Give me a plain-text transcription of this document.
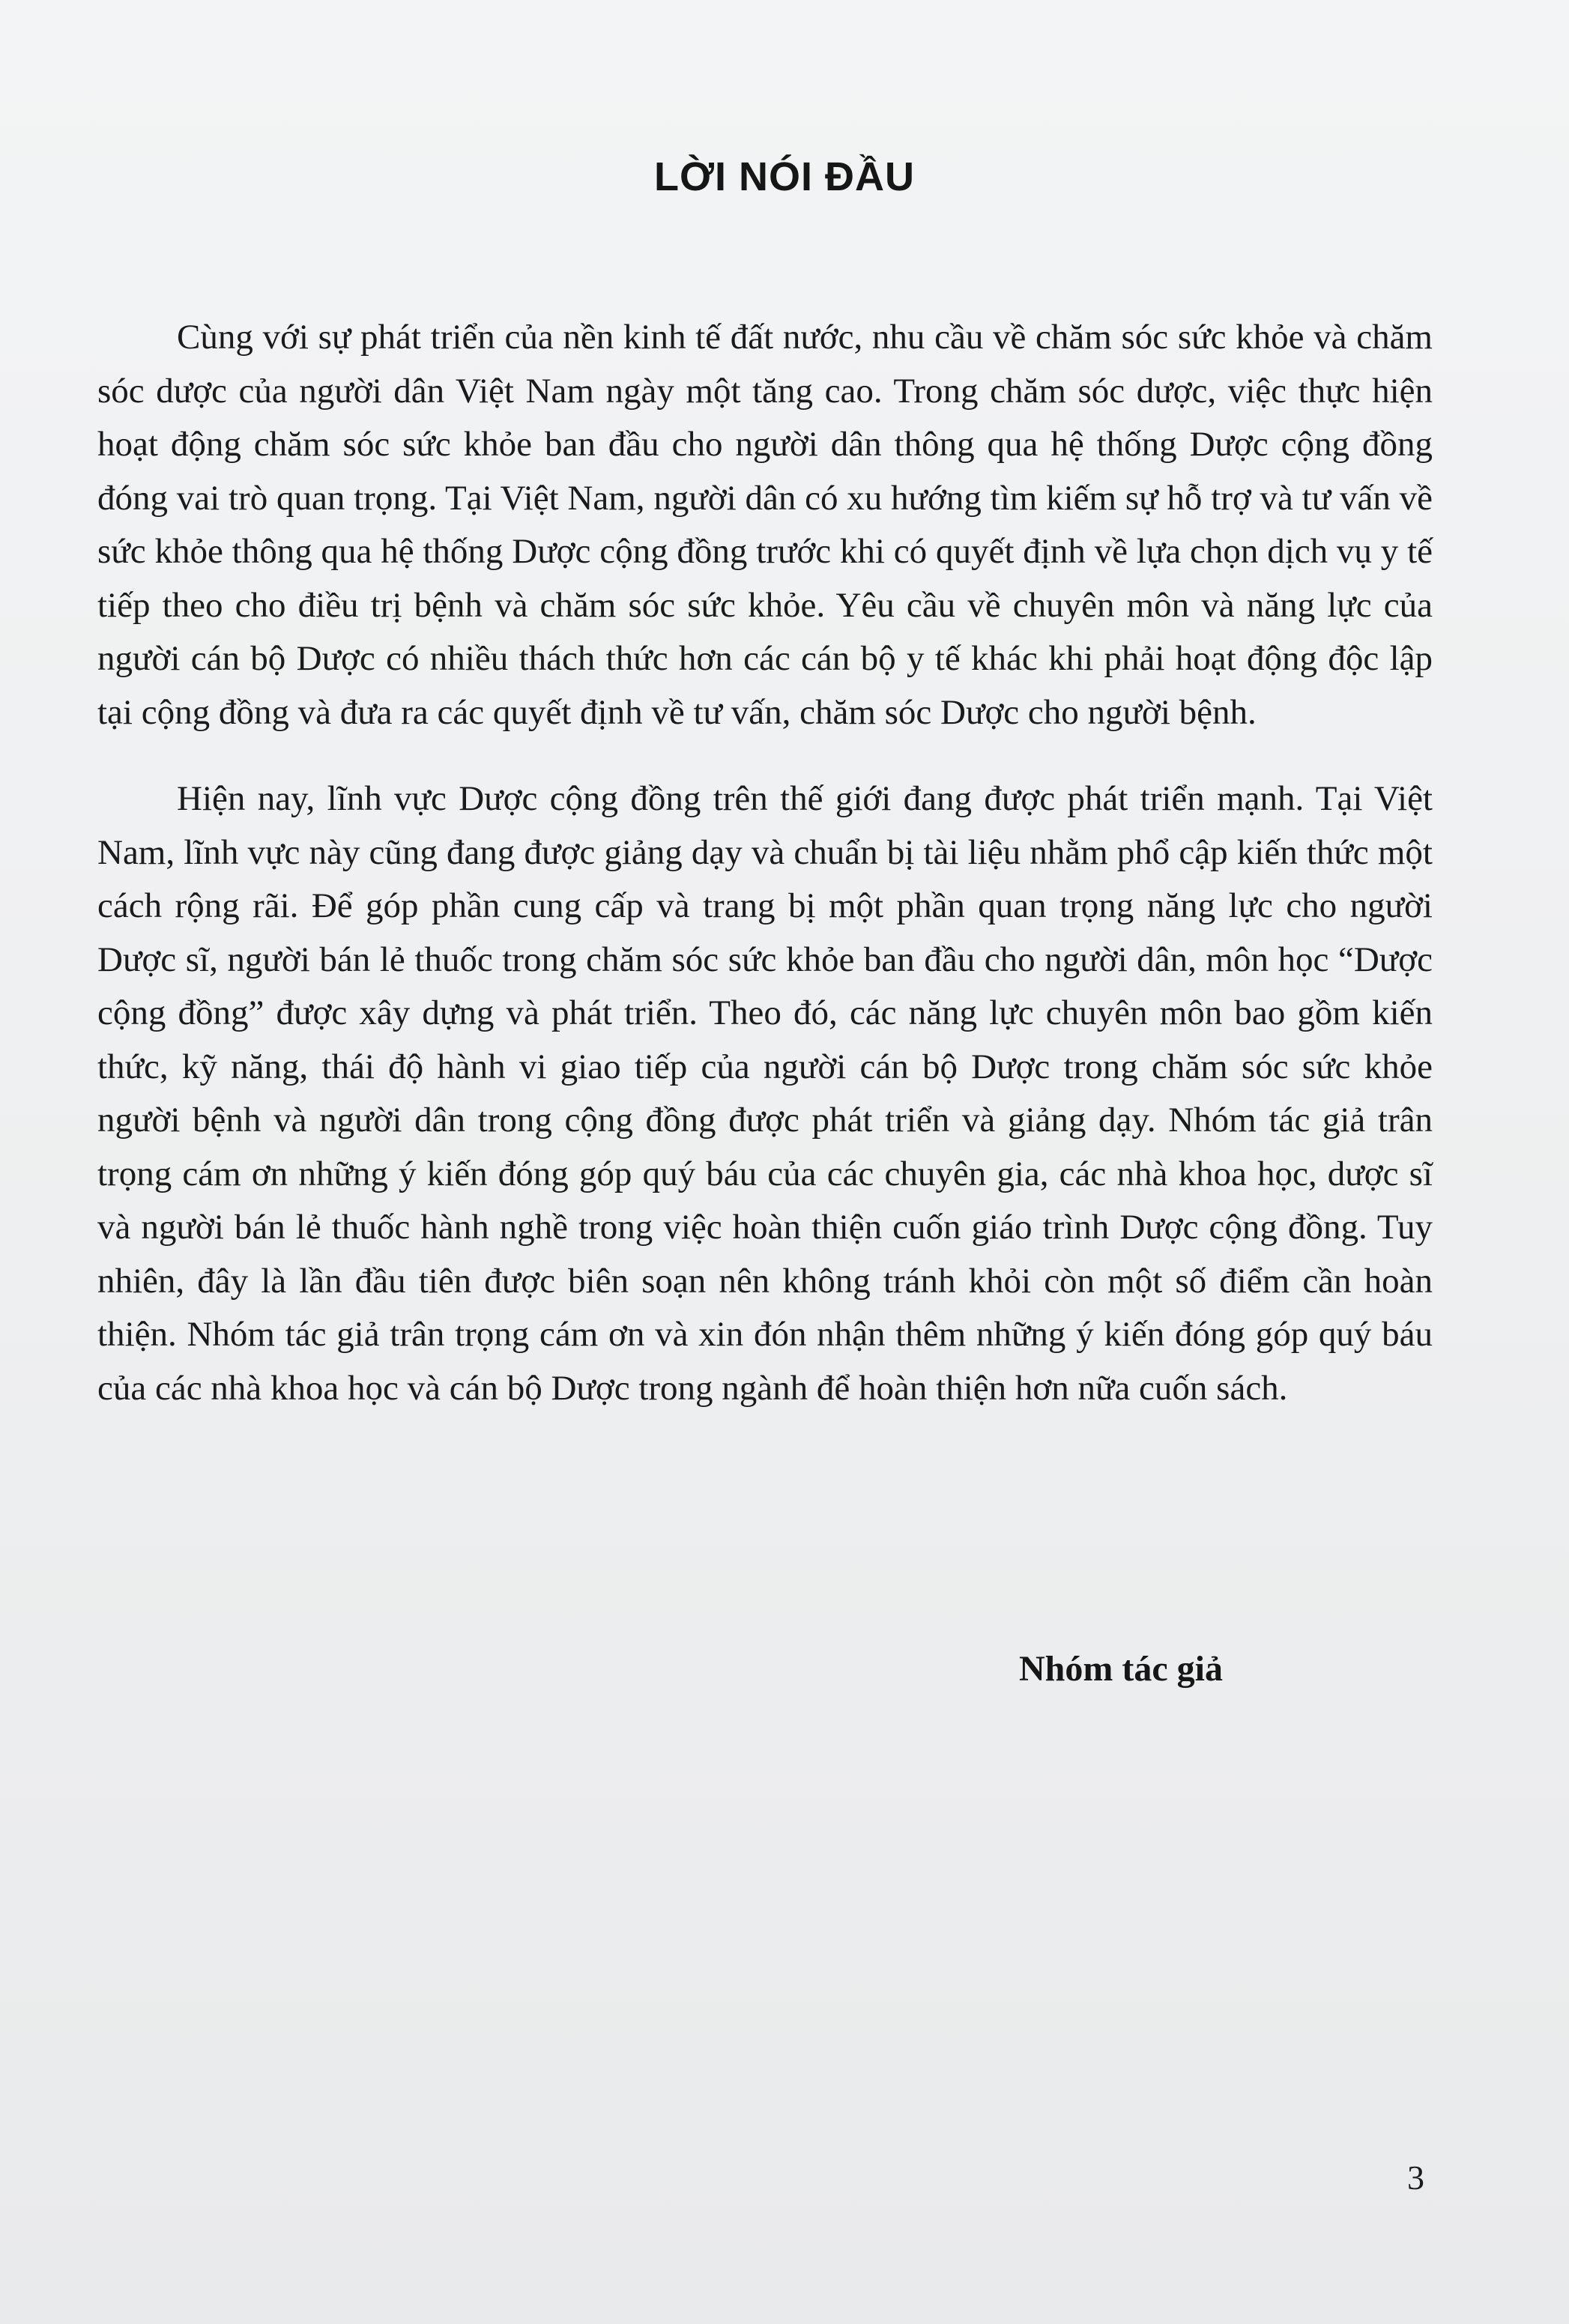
LỜI NÓI ĐẦU

Cùng với sự phát triển của nền kinh tế đất nước, nhu cầu về chăm sóc sức khỏe và chăm sóc dược của người dân Việt Nam ngày một tăng cao. Trong chăm sóc dược, việc thực hiện hoạt động chăm sóc sức khỏe ban đầu cho người dân thông qua hệ thống Dược cộng đồng đóng vai trò quan trọng. Tại Việt Nam, người dân có xu hướng tìm kiếm sự hỗ trợ và tư vấn về sức khỏe thông qua hệ thống Dược cộng đồng trước khi có quyết định về lựa chọn dịch vụ y tế tiếp theo cho điều trị bệnh và chăm sóc sức khỏe. Yêu cầu về chuyên môn và năng lực của người cán bộ Dược có nhiều thách thức hơn các cán bộ y tế khác khi phải hoạt động độc lập tại cộng đồng và đưa ra các quyết định về tư vấn, chăm sóc Dược cho người bệnh.

Hiện nay, lĩnh vực Dược cộng đồng trên thế giới đang được phát triển mạnh. Tại Việt Nam, lĩnh vực này cũng đang được giảng dạy và chuẩn bị tài liệu nhằm phổ cập kiến thức một cách rộng rãi. Để góp phần cung cấp và trang bị một phần quan trọng năng lực cho người Dược sĩ, người bán lẻ thuốc trong chăm sóc sức khỏe ban đầu cho người dân, môn học “Dược cộng đồng” được xây dựng và phát triển. Theo đó, các năng lực chuyên môn bao gồm kiến thức, kỹ năng, thái độ hành vi giao tiếp của người cán bộ Dược trong chăm sóc sức khỏe người bệnh và người dân trong cộng đồng được phát triển và giảng dạy. Nhóm tác giả trân trọng cám ơn những ý kiến đóng góp quý báu của các chuyên gia, các nhà khoa học, dược sĩ và người bán lẻ thuốc hành nghề trong việc hoàn thiện cuốn giáo trình Dược cộng đồng. Tuy nhiên, đây là lần đầu tiên được biên soạn nên không tránh khỏi còn một số điểm cần hoàn thiện. Nhóm tác giả trân trọng cám ơn và xin đón nhận thêm những ý kiến đóng góp quý báu của các nhà khoa học và cán bộ Dược trong ngành để hoàn thiện hơn nữa cuốn sách.

Nhóm tác giả
3
